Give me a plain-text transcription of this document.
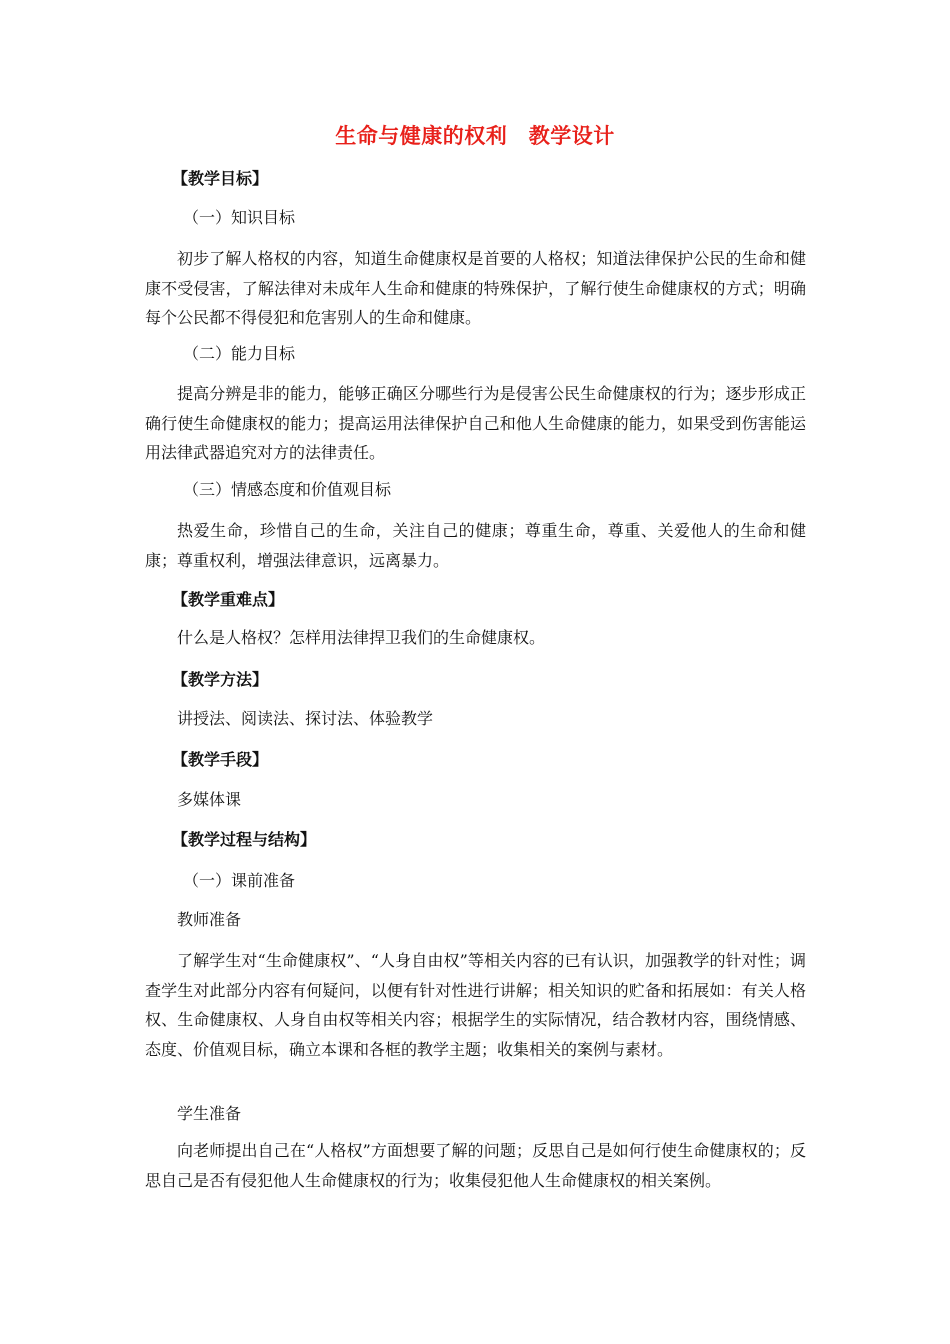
生命与健康的权利　教学设计
【教学目标】
（一）知识目标
初步了解人格权的内容，知道生命健康权是首要的人格权；知道法律保护公民的生命和健康不受侵害，了解法律对未成年人生命和健康的特殊保护，了解行使生命健康权的方式；明确每个公民都不得侵犯和危害别人的生命和健康。
（二）能力目标
提高分辨是非的能力，能够正确区分哪些行为是侵害公民生命健康权的行为；逐步形成正确行使生命健康权的能力；提高运用法律保护自己和他人生命健康的能力，如果受到伤害能运用法律武器追究对方的法律责任。
（三）情感态度和价值观目标
热爱生命，珍惜自己的生命，关注自己的健康；尊重生命，尊重、关爱他人的生命和健康；尊重权利，增强法律意识，远离暴力。
【教学重难点】
什么是人格权？怎样用法律捍卫我们的生命健康权。
【教学方法】
讲授法、阅读法、探讨法、体验教学
【教学手段】
多媒体课
【教学过程与结构】
（一）课前准备
教师准备
了解学生对“生命健康权”、“人身自由权”等相关内容的已有认识，加强教学的针对性；调查学生对此部分内容有何疑问，以便有针对性进行讲解；相关知识的贮备和拓展如：有关人格权、生命健康权、人身自由权等相关内容；根据学生的实际情况，结合教材内容，围绕情感、态度、价值观目标，确立本课和各框的教学主题；收集相关的案例与素材。
学生准备
向老师提出自己在“人格权”方面想要了解的问题；反思自己是如何行使生命健康权的；反思自己是否有侵犯他人生命健康权的行为；收集侵犯他人生命健康权的相关案例。
